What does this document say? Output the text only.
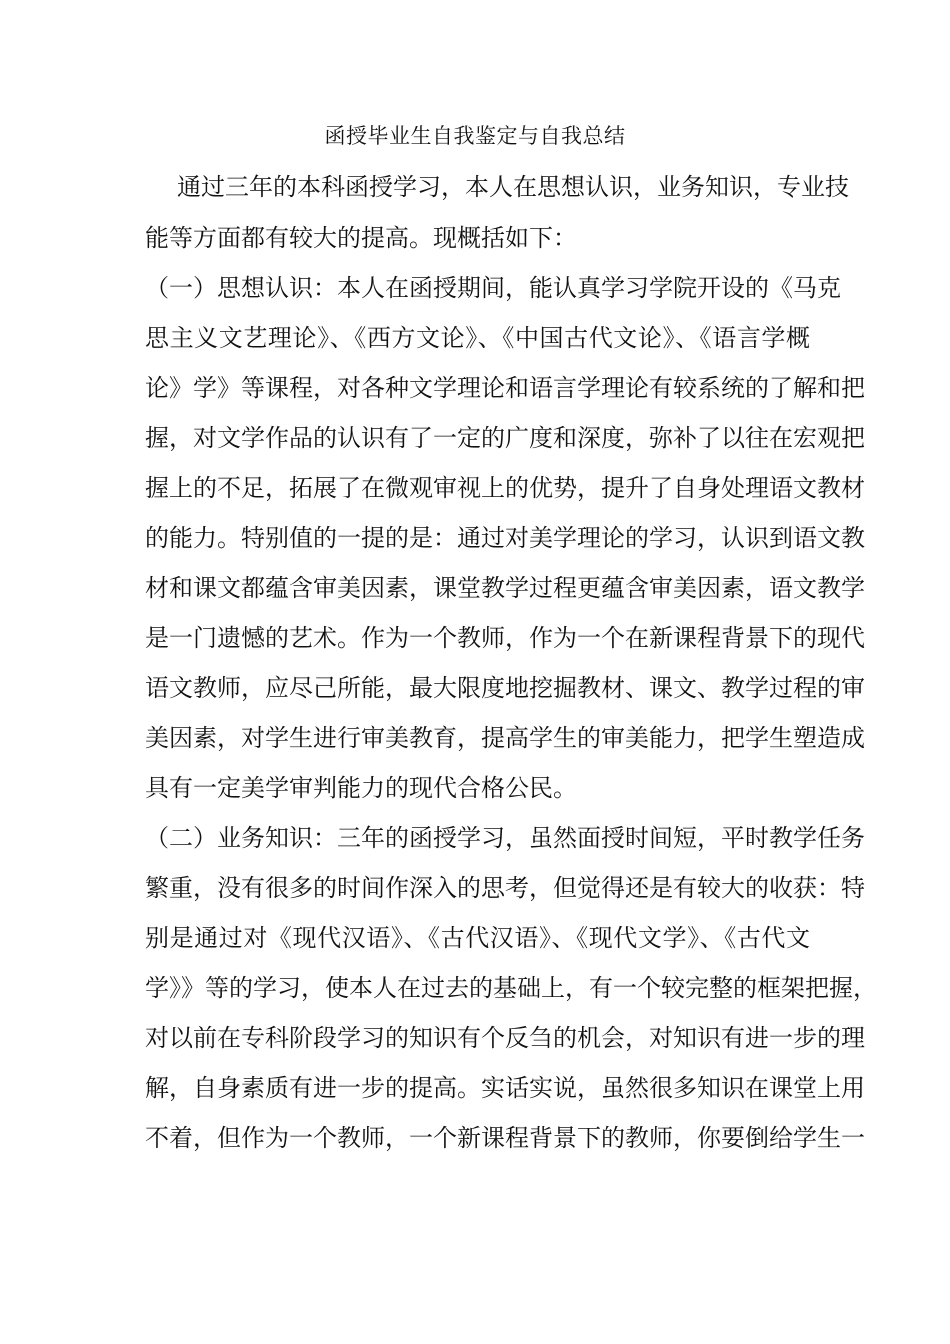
函授毕业生自我鉴定与自我总结
通过三年的本科函授学习，本人在思想认识，业务知识，专业技
能等方面都有较大的提高。现概括如下：
（一）思想认识：本人在函授期间，能认真学习学院开设的《马克
思主义文艺理论》、《西方文论》、《中国古代文论》、《语言学概
论》学》等课程，对各种文学理论和语言学理论有较系统的了解和把
握，对文学作品的认识有了一定的广度和深度，弥补了以往在宏观把
握上的不足，拓展了在微观审视上的优势，提升了自身处理语文教材
的能力。特别值的一提的是：通过对美学理论的学习，认识到语文教
材和课文都蕴含审美因素，课堂教学过程更蕴含审美因素，语文教学
是一门遗憾的艺术。作为一个教师，作为一个在新课程背景下的现代
语文教师，应尽己所能，最大限度地挖掘教材、课文、教学过程的审
美因素，对学生进行审美教育，提高学生的审美能力，把学生塑造成
具有一定美学审判能力的现代合格公民。
（二）业务知识：三年的函授学习，虽然面授时间短，平时教学任务
繁重，没有很多的时间作深入的思考，但觉得还是有较大的收获：特
别是通过对《现代汉语》、《古代汉语》、《现代文学》、《古代文
学》》等的学习，使本人在过去的基础上，有一个较完整的框架把握，
对以前在专科阶段学习的知识有个反刍的机会，对知识有进一步的理
解，自身素质有进一步的提高。实话实说，虽然很多知识在课堂上用
不着，但作为一个教师，一个新课程背景下的教师，你要倒给学生一
